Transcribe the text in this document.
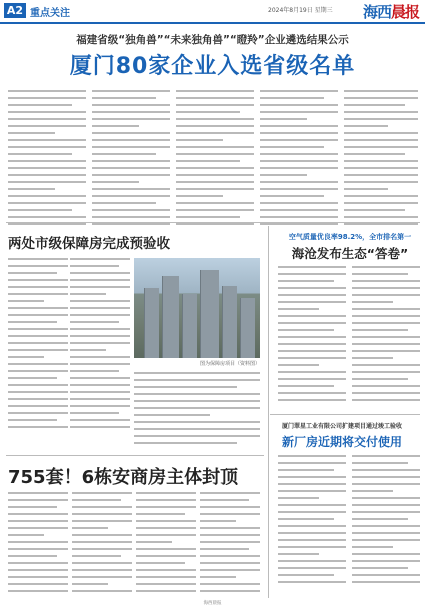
A2 重点关注	2024年8月19日 星期三 海西晨报
福建省级“独角兽”“未来独角兽”“瞪羚”企业遴选结果公示
厦门80家企业入选省级名单
两处市级保障房完成预验收
图为保障房项目（资料图）
空气质量优良率98.2%，全市排名第一
海沧发布生态“答卷”
厦门翠星工业有限公司扩建项目通过竣工验收
新厂房近期将交付使用
755套！6栋安商房主体封顶
海西晨报
